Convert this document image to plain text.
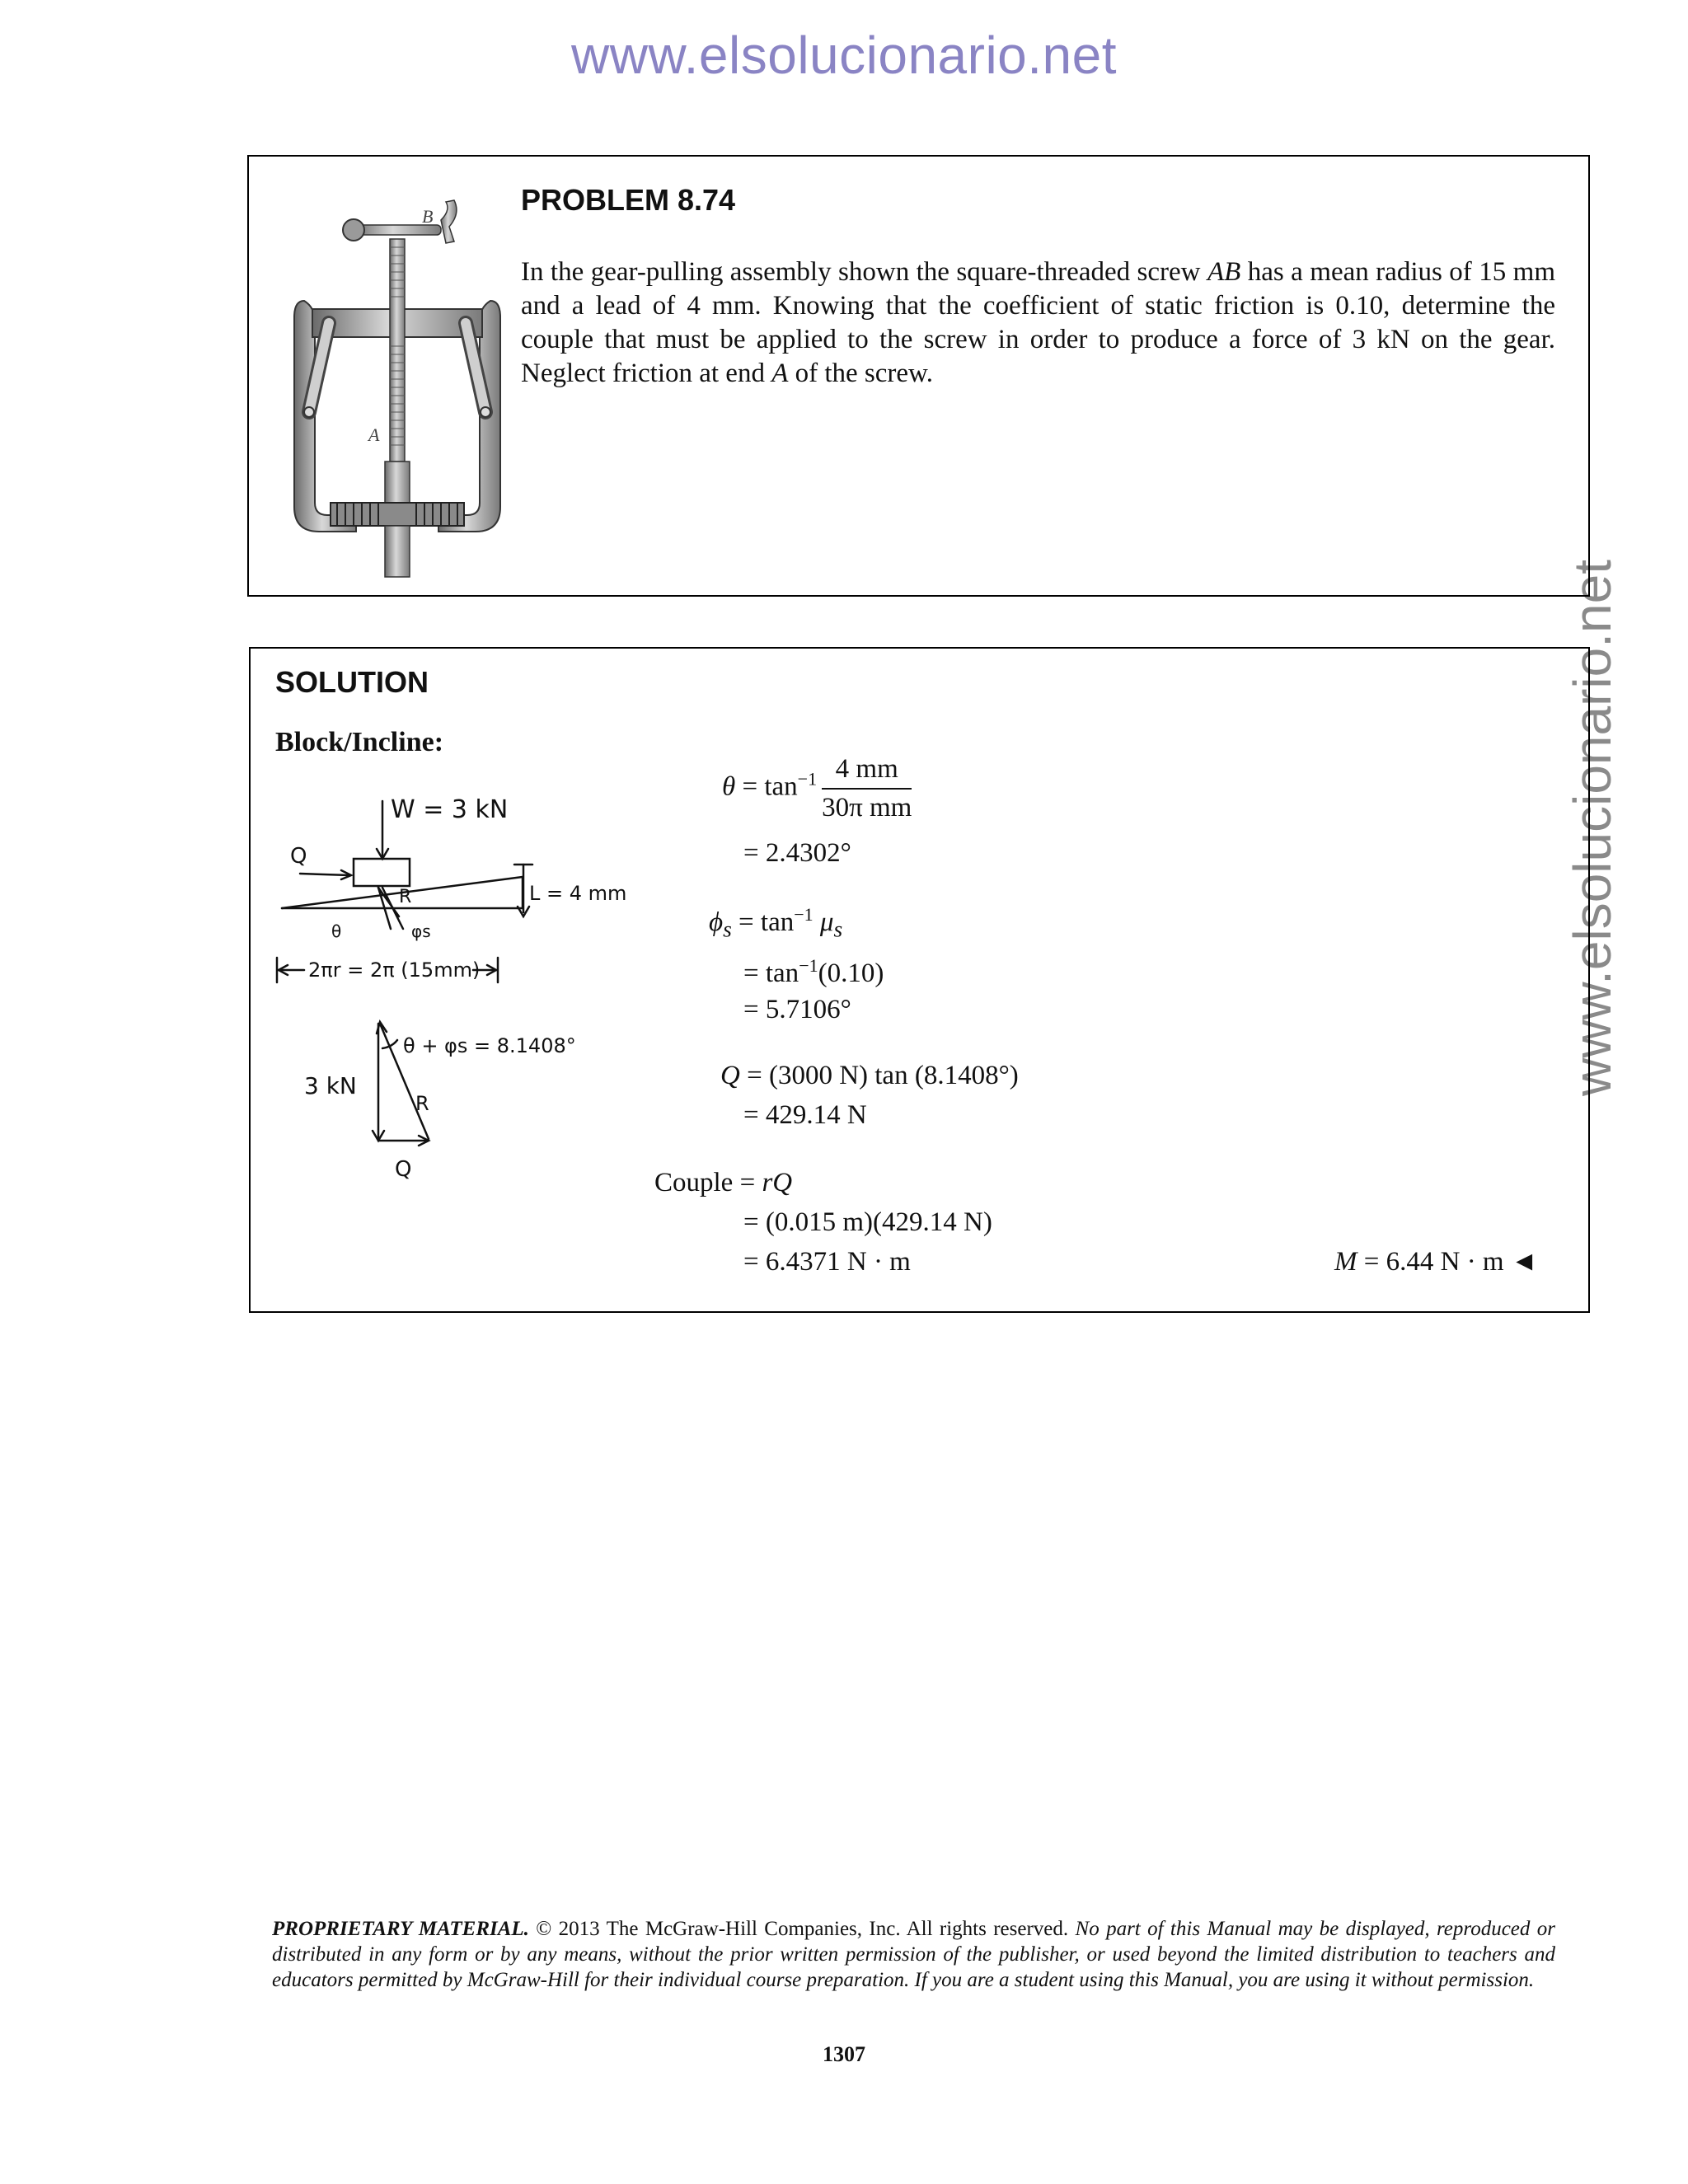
www.elsolucionario.net
www.elsolucionario.net
B
A
PROBLEM 8.74
In the gear-pulling assembly shown the square-threaded screw AB has a mean radius of 15 mm and a lead of 4 mm. Knowing that the coefficient of static friction is 0.10, determine the couple that must be applied to the screw in order to produce a force of 3 kN on the gear. Neglect friction at end A of the screw.
SOLUTION
Block/Incline:
W = 3 kN
Q
R	L = 4 mm
θ	φs
2πr = 2π (15mm)
θ + φs = 8.1408°
3 kN
R
Q
$\theta = \tan^{-1} \frac{4 mm}{\text{30π mm}}$
= 2.4302°
$\phi_s = \tan^{-1} \mu_s$
= $\tan^{-1}(0.10)$
= 5.7106°
Q = (3000 N) tan (8.1408°)
= 429.14 N
Couple = rQ
= (0.015 m)(429.14 N)
= 6.4371 N · m	M = 6.44 N · m ◄
PROPRIETARY MATERIAL. © 2013 The McGraw-Hill Companies, Inc. All rights reserved. No part of this Manual may be displayed, reproduced or distributed in any form or by any means, without the prior written permission of the publisher, or used beyond the limited distribution to teachers and educators permitted by McGraw-Hill for their individual course preparation. If you are a student using this Manual, you are using it without permission.
1307
